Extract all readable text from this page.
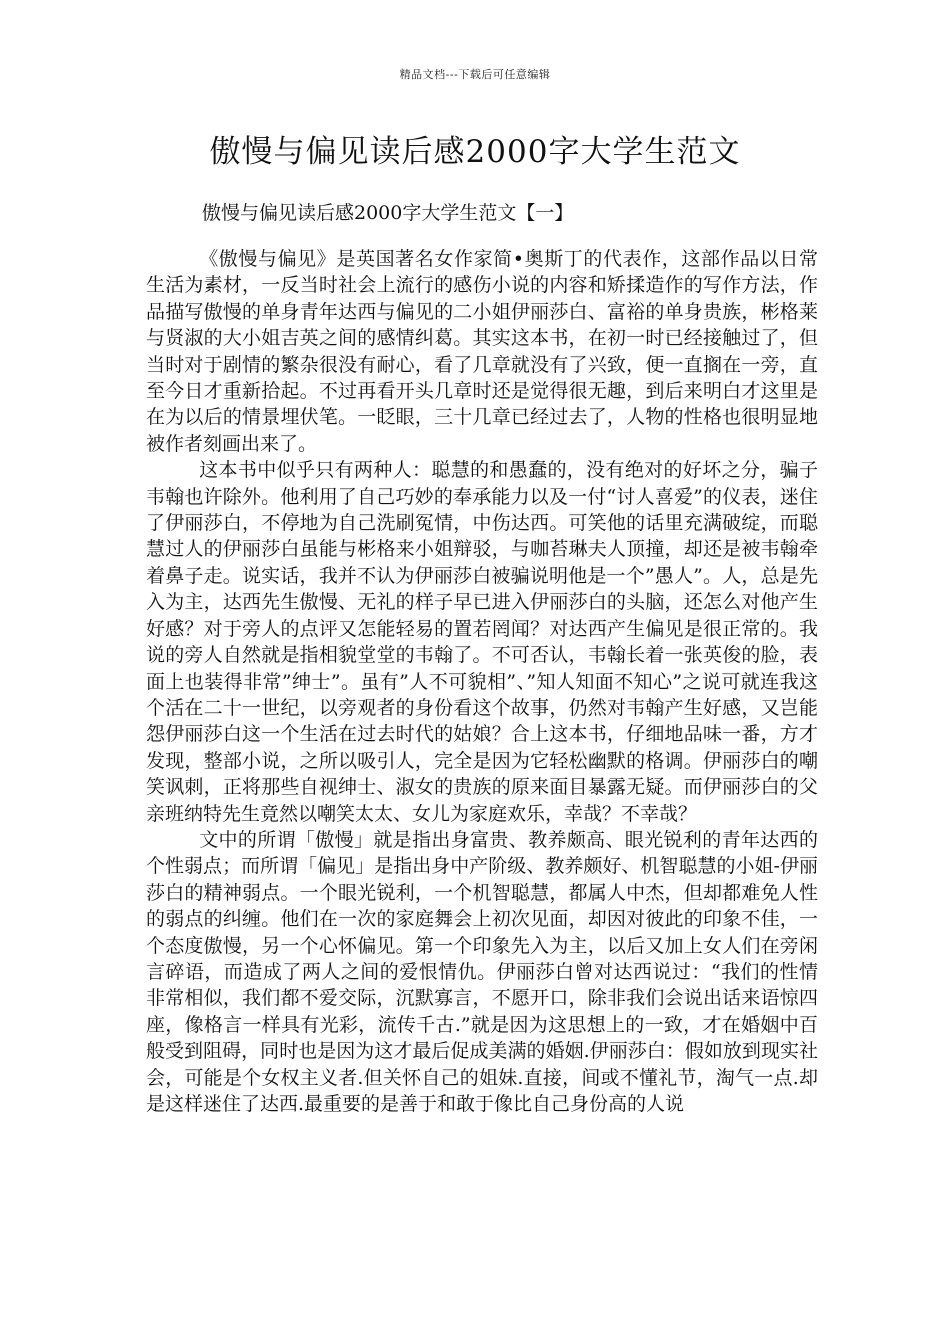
精品文档---下载后可任意编辑
傲慢与偏见读后感2000字大学生范文
傲慢与偏见读后感2000字大学生范文【一】

《傲慢与偏见》是英国著名女作家简•奥斯丁的代表作，这部作品以日常生活为素材，一反当时社会上流行的感伤小说的内容和矫揉造作的写作方法，作品描写傲慢的单身青年达西与偏见的二小姐伊丽莎白、富裕的单身贵族，彬格莱与贤淑的大小姐吉英之间的感情纠葛。其实这本书，在初一时已经接触过了，但当时对于剧情的繁杂很没有耐心，看了几章就没有了兴致，便一直搁在一旁，直至今日才重新拾起。不过再看开头几章时还是觉得很无趣，到后来明白才这里是在为以后的情景埋伏笔。一眨眼，三十几章已经过去了，人物的性格也很明显地被作者刻画出来了。

这本书中似乎只有两种人：聪慧的和愚蠢的，没有绝对的好坏之分，骗子韦翰也许除外。他利用了自己巧妙的奉承能力以及一付“讨人喜爱”的仪表，迷住了伊丽莎白，不停地为自己洗刷冤情，中伤达西。可笑他的话里充满破绽，而聪慧过人的伊丽莎白虽能与彬格来小姐辩驳，与咖苔琳夫人顶撞，却还是被韦翰牵着鼻子走。说实话，我并不认为伊丽莎白被骗说明他是一个”愚人”。人，总是先入为主，达西先生傲慢、无礼的样子早已进入伊丽莎白的头脑，还怎么对他产生好感？对于旁人的点评又怎能轻易的置若罔闻？对达西产生偏见是很正常的。我说的旁人自然就是指相貌堂堂的韦翰了。不可否认，韦翰长着一张英俊的脸，表面上也装得非常”绅士”。虽有”人不可貌相”、”知人知面不知心”之说可就连我这个活在二十一世纪，以旁观者的身份看这个故事，仍然对韦翰产生好感，又岂能怨伊丽莎白这一个生活在过去时代的姑娘？合上这本书，仔细地品味一番，方才发现，整部小说，之所以吸引人，完全是因为它轻松幽默的格调。伊丽莎白的嘲笑讽刺，正将那些自视绅士、淑女的贵族的原来面目暴露无疑。而伊丽莎白的父亲班纳特先生竟然以嘲笑太太、女儿为家庭欢乐，幸哉？不幸哉？

文中的所谓「傲慢」就是指出身富贵、教养颇高、眼光锐利的青年达西的个性弱点；而所谓「偏见」是指出身中产阶级、教养颇好、机智聪慧的小姐-伊丽莎白的精神弱点。一个眼光锐利，一个机智聪慧，都属人中杰，但却都难免人性的弱点的纠缠。他们在一次的家庭舞会上初次见面，却因对彼此的印象不佳，一个态度傲慢，另一个心怀偏见。第一个印象先入为主，以后又加上女人们在旁闲言碎语，而造成了两人之间的爱恨情仇。伊丽莎白曾对达西说过：“我们的性情非常相似，我们都不爱交际，沉默寡言，不愿开口，除非我们会说出话来语惊四座，像格言一样具有光彩，流传千古.”就是因为这思想上的一致，才在婚姻中百般受到阻碍，同时也是因为这才最后促成美满的婚姻.伊丽莎白：假如放到现实社会，可能是个女权主义者.但关怀自己的姐妹.直接，间或不懂礼节，淘气一点.却是这样迷住了达西.最重要的是善于和敢于像比自己身份高的人说
